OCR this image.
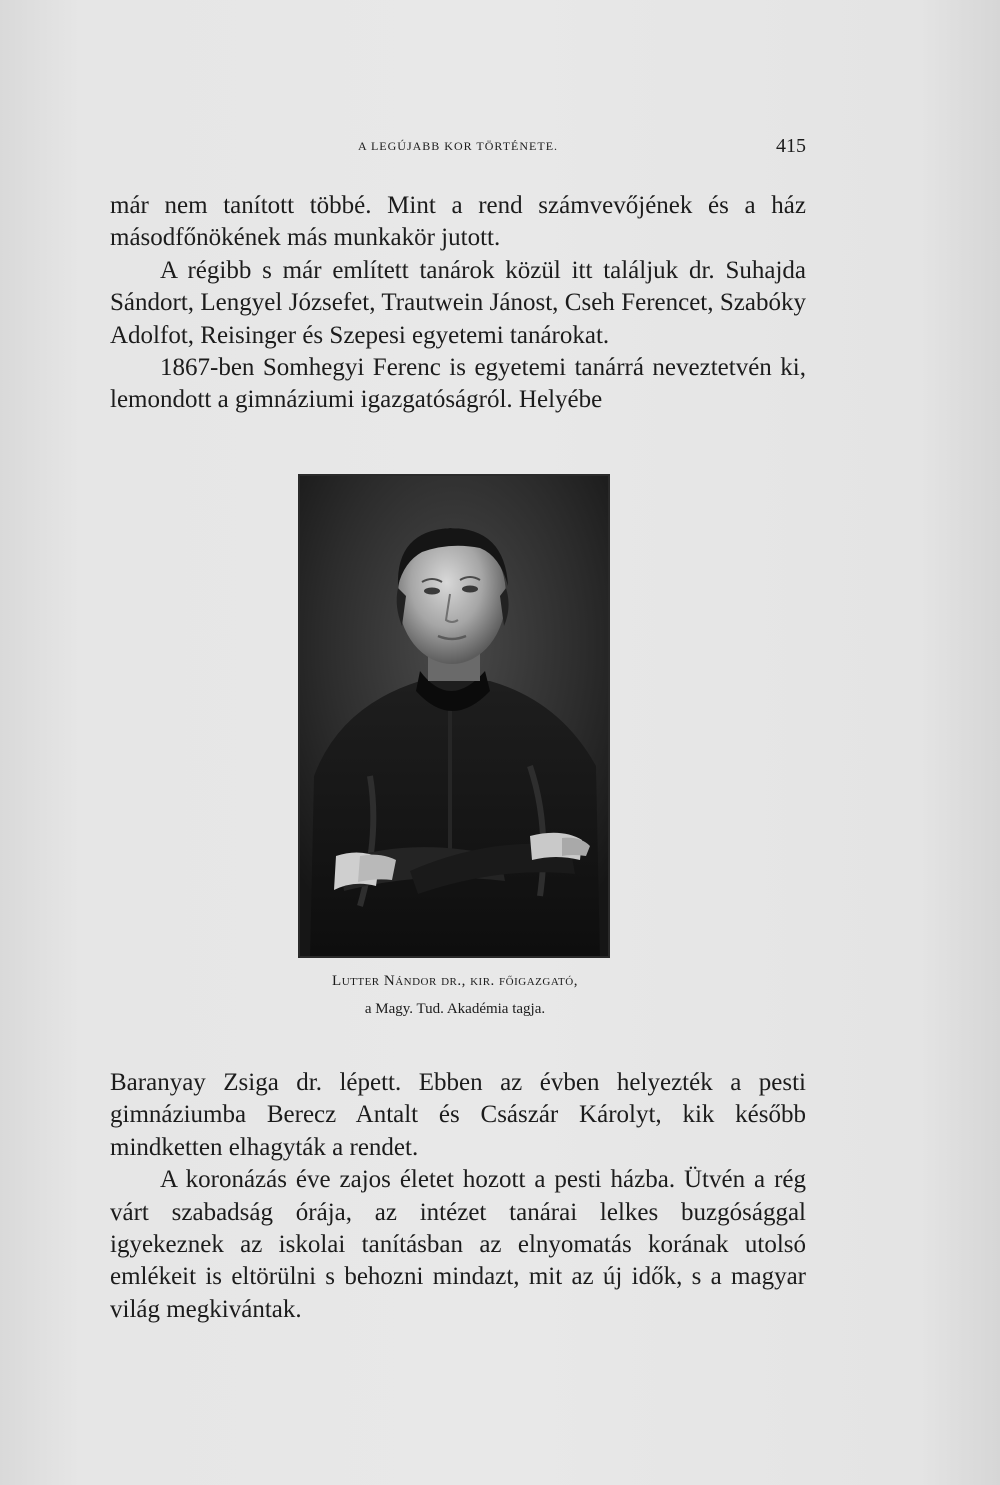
A LEGÚJABB KOR TÖRTÉNETE.	415

már nem tanított többé. Mint a rend számvevőjének és a ház másodfőnökének más munkakör jutott.

A régibb s már említett tanárok közül itt találjuk dr. Suhajda Sándort, Lengyel Józsefet, Trautwein Jánost, Cseh Ferencet, Szabóky Adolfot, Reisinger és Szepesi egyetemi tanárokat.

1867-ben Somhegyi Ferenc is egyetemi tanárrá neveztetvén ki, lemondott a gimnáziumi igazgatóságról. Helyébe

Lutter Nándor dr., kir. főigazgató,
a Magy. Tud. Akadémia tagja.

Baranyay Zsiga dr. lépett. Ebben az évben helyezték a pesti gimnáziumba Berecz Antalt és Császár Károlyt, kik később mindketten elhagyták a rendet.

A koronázás éve zajos életet hozott a pesti házba. Ütvén a rég várt szabadság órája, az intézet tanárai lelkes buzgósággal igyekeznek az iskolai tanításban az elnyomatás korának utolsó emlékeit is eltörülni s behozni mindazt, mit az új idők, s a magyar világ megkivántak.
